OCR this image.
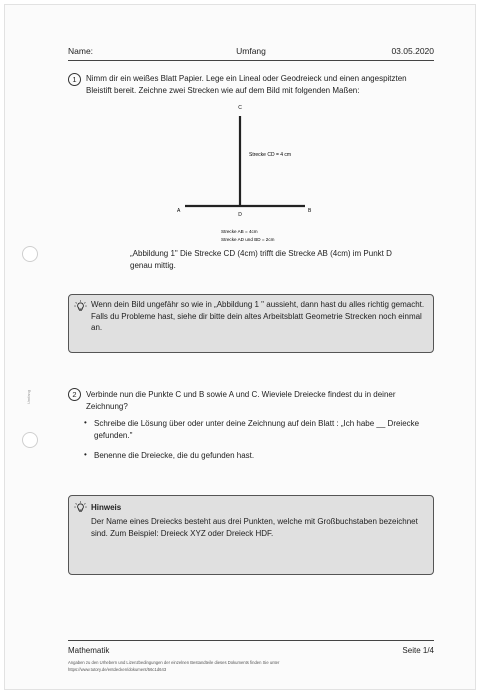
Name:	Umfang	03.05.2020
Umfang
1	Nimm dir ein weißes Blatt Papier. Lege ein Lineal oder Geodreieck und einen angespitzten Bleistift bereit. Zeichne zwei Strecken wie auf dem Bild mit folgenden Maßen:
C
A	B
D
Strecke CD = 4 cm
Strecke AB = 4cm
Strecke AD und BD = 2cm
„Abbildung 1" Die Strecke CD (4cm) trifft die Strecke AB (4cm) im Punkt D genau mittig.
Wenn dein Bild ungefähr so wie in „Abbildung 1 " aussieht, dann hast du alles richtig gemacht. Falls du Probleme hast, siehe dir bitte dein altes Arbeitsblatt Geometrie Strecken noch einmal an.
2	Verbinde nun die Punkte C und B sowie A und C. Wieviele Dreiecke findest du in deiner Zeichnung?
• Schreibe die Lösung über oder unter deine Zeichnung auf dein Blatt : „Ich habe __ Dreiecke gefunden."
• Benenne die Dreiecke, die du gefunden hast.
Hinweis
Der Name eines Dreiecks besteht aus drei Punkten, welche mit Großbuchstaben bezeichnet sind. Zum Beispiel: Dreieck XYZ oder Dreieck HDF.
Mathematik	Seite 1/4
Angaben zu den Urhebern und Lizenzbedingungen der einzelnen Bestandteile dieses Dokuments finden Sie unter
https://www.tutory.de/entdecken/dokument/56c1d643
